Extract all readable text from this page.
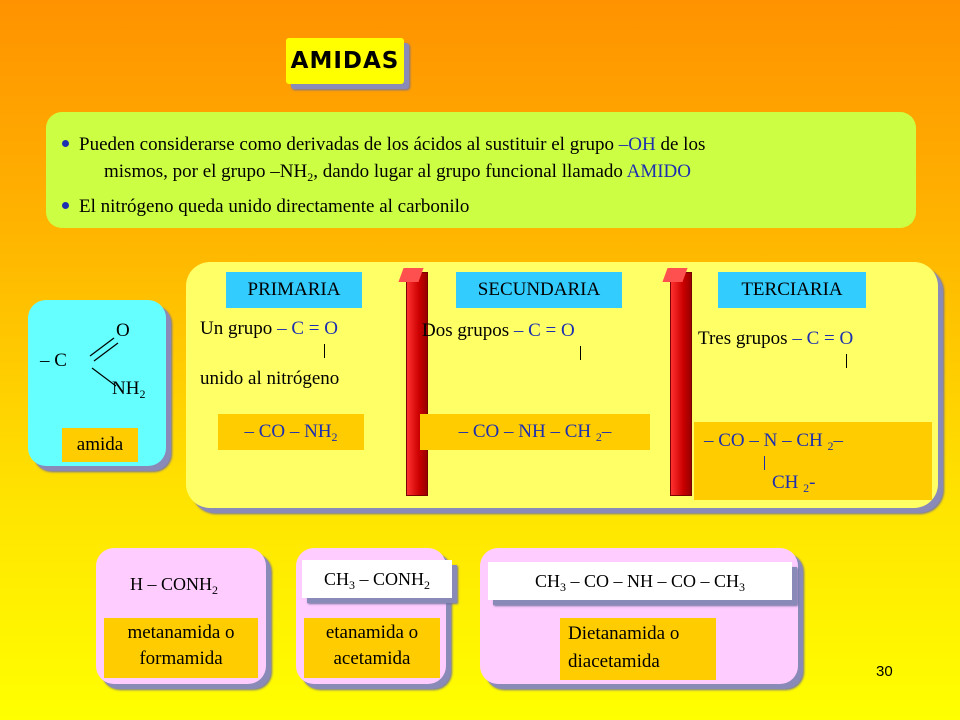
AMIDAS
Pueden considerarse como derivadas de los ácidos al sustituir el grupo –OH de los
mismos, por el grupo $-NH_2$, dando lugar al grupo funcional llamado AMIDO
El nitrógeno queda unido directamente al carbonilo
– C
O
$NH_2$
amida
PRIMARIA
Un grupo – C = O
unido al nitrógeno
– CO – $NH_2$
SECUNDARIA
Dos grupos – C = O
– CO – NH – CH $_2$–
TERCIARIA
Tres grupos – C = O
– CO – N – CH $_2$–
CH $_2$-
H – $CONH_2$
metanamida o
formamida
$CH_3$ – $CONH_2$
etanamida o
acetamida
$CH_3$ – CO – NH – CO – $CH_3$
Dietanamida o
diacetamida	30
